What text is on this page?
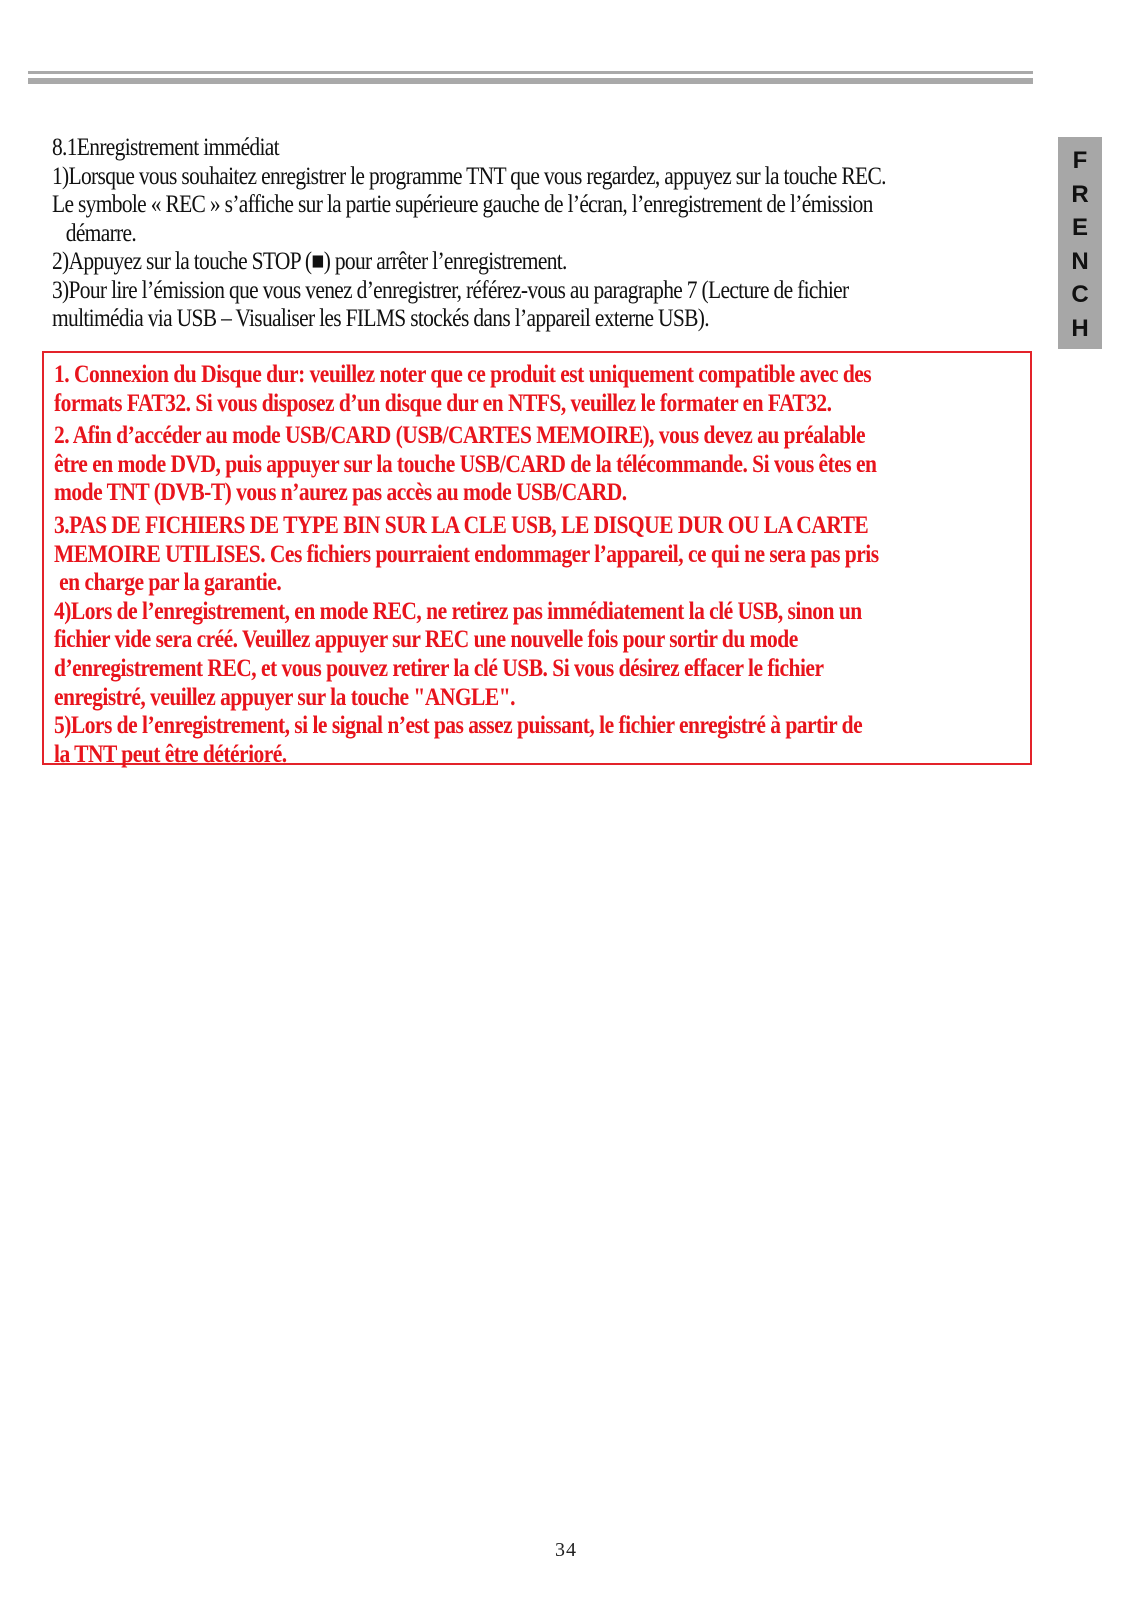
F
R
E
N
C
H

8.1Enregistrement immédiat

1)Lorsque vous souhaitez enregistrer le programme TNT que vous regardez, appuyez sur la touche REC.

Le symbole « REC » s’affiche sur la partie supérieure gauche de l’écran, l’enregistrement de l’émission

démarre.

2)Appuyez sur la touche STOP (■) pour arrêter l’enregistrement.

3)Pour lire l’émission que vous venez d’enregistrer, référez-vous au paragraphe 7 (Lecture de fichier

multimédia via USB – Visualiser les FILMS stockés dans l’appareil externe USB).

1. Connexion du Disque dur: veuillez noter que ce produit est uniquement compatible avec des
formats FAT32. Si vous disposez d’un disque dur en NTFS, veuillez le formater en FAT32.

2. Afin d’accéder au mode USB/CARD (USB/CARTES MEMOIRE), vous devez au préalable
être en mode DVD, puis appuyer sur la touche USB/CARD de la télécommande. Si vous êtes en
mode TNT (DVB-T) vous n’aurez pas accès au mode USB/CARD.

3.PAS DE FICHIERS DE TYPE BIN SUR LA CLE USB, LE DISQUE DUR OU LA CARTE
MEMOIRE UTILISES. Ces fichiers pourraient endommager l’appareil, ce qui ne sera pas pris
en charge par la garantie.

4)Lors de l’enregistrement, en mode REC, ne retirez pas immédiatement la clé USB, sinon un
fichier vide sera créé. Veuillez appuyer sur REC une nouvelle fois pour sortir du mode
d’enregistrement REC, et vous pouvez retirer la clé USB. Si vous désirez effacer le fichier
enregistré, veuillez appuyer sur la touche "ANGLE".

5)Lors de l’enregistrement, si le signal n’est pas assez puissant, le fichier enregistré à partir de
la TNT peut être détérioré.

34
